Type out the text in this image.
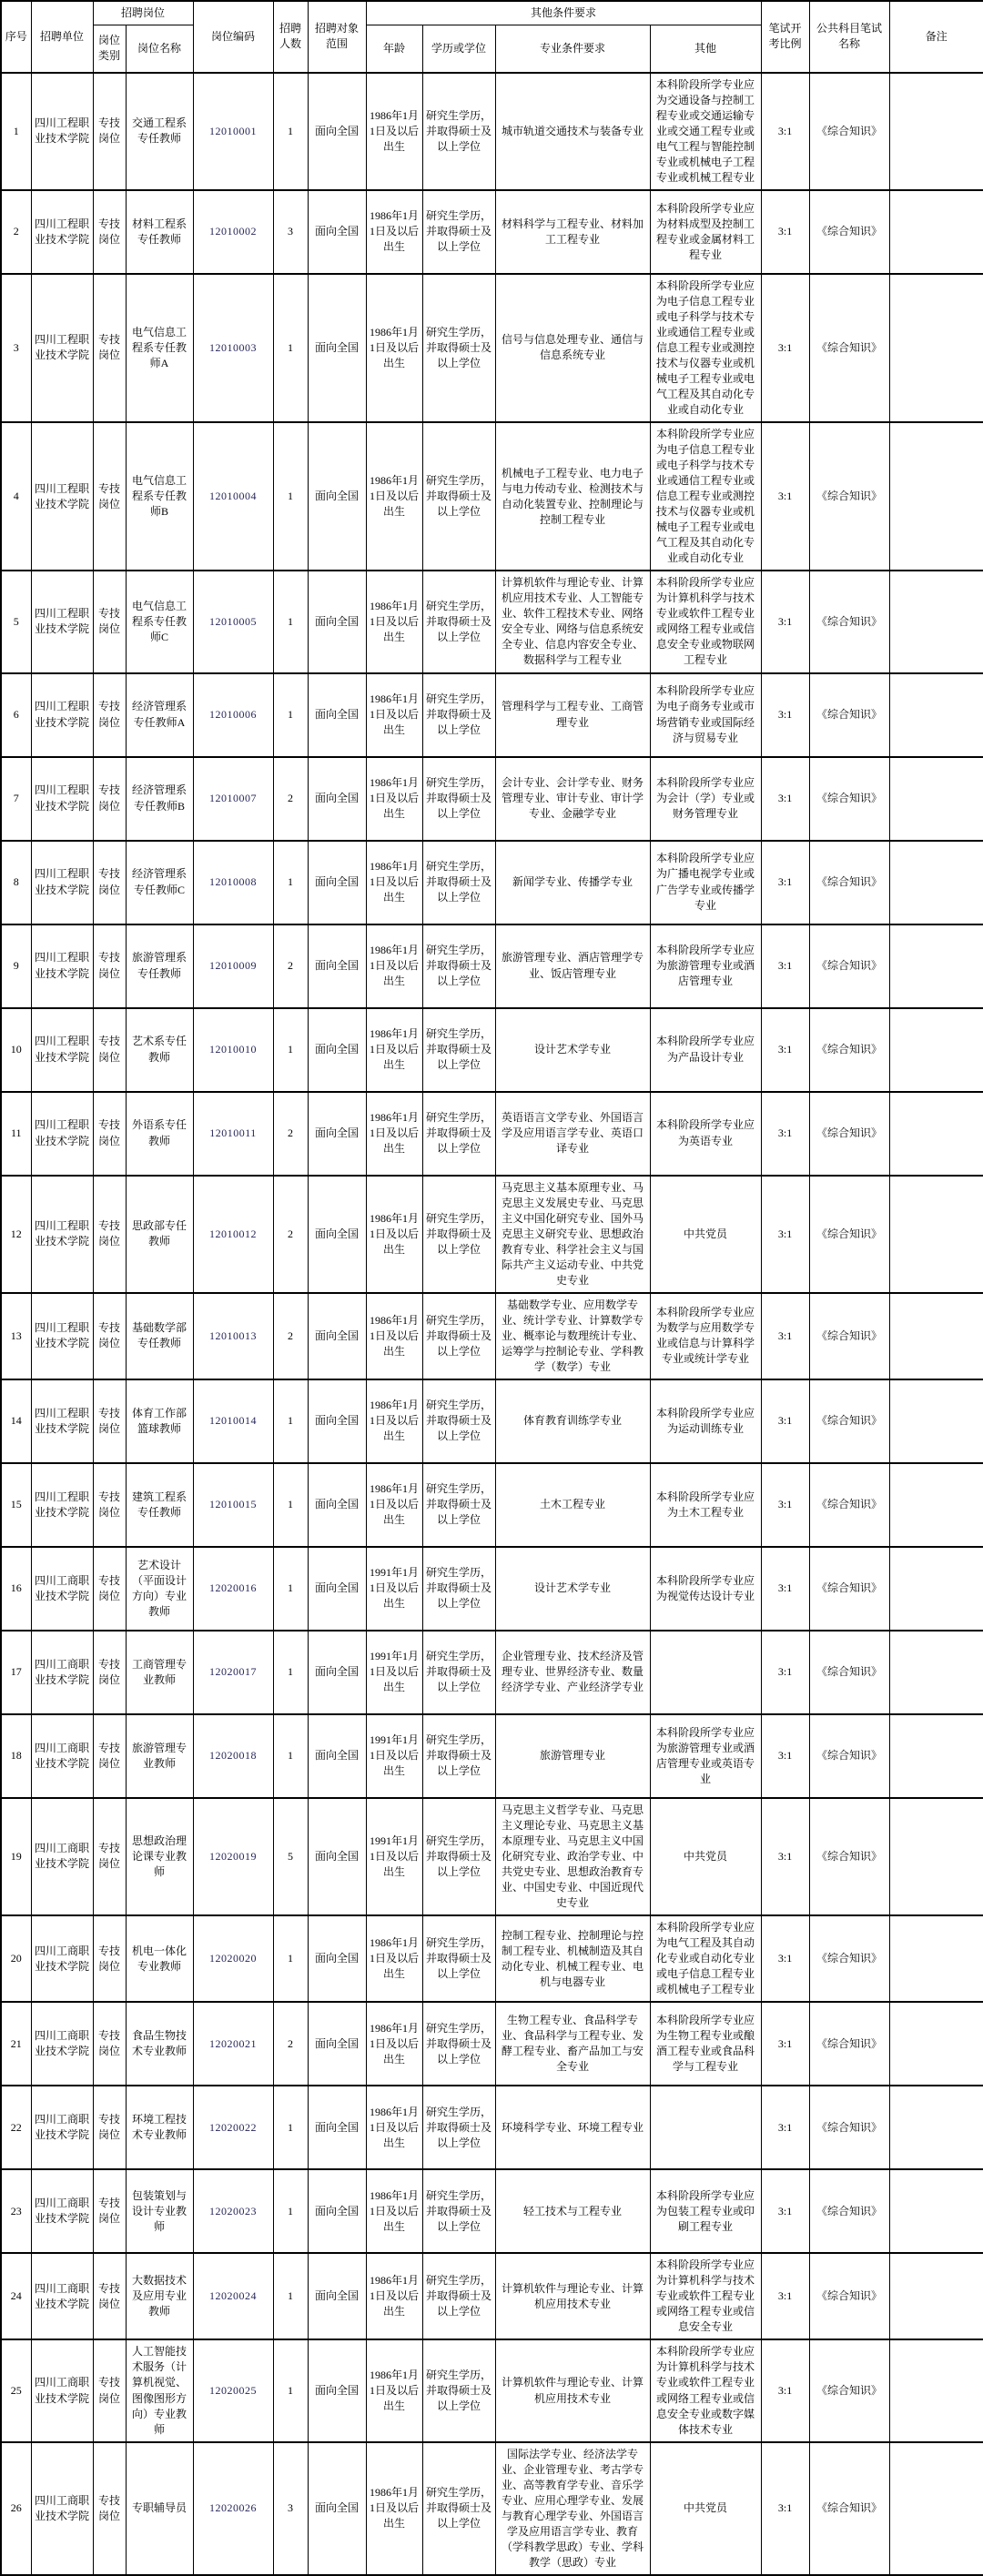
序号	招聘单位	招聘岗位		岗位编码	招聘人数	招聘对象范围	其他条件要求				笔试开考比例	公共科目笔试名称	备注
		岗位类别	岗位名称				年龄	学历或学位	专业条件要求	其他			
1	四川工程职业技术学院	专技岗位	交通工程系专任教师	12010001	1	面向全国	1986年1月1日及以后出生	研究生学历，并取得硕士及以上学位	城市轨道交通技术与装备专业	本科阶段所学专业应为交通设备与控制工程专业或交通运输专业或交通工程专业或电气工程与智能控制专业或机械电子工程专业或机械工程专业	3:1	《综合知识》	
2	四川工程职业技术学院	专技岗位	材料工程系专任教师	12010002	3	面向全国	1986年1月1日及以后出生	研究生学历，并取得硕士及以上学位	材料科学与工程专业、材料加工工程专业	本科阶段所学专业应为材料成型及控制工程专业或金属材料工程专业	3:1	《综合知识》	
3	四川工程职业技术学院	专技岗位	电气信息工程系专任教师A	12010003	1	面向全国	1986年1月1日及以后出生	研究生学历，并取得硕士及以上学位	信号与信息处理专业、通信与信息系统专业	本科阶段所学专业应为电子信息工程专业或电子科学与技术专业或通信工程专业或信息工程专业或测控技术与仪器专业或机械电子工程专业或电气工程及其自动化专业或自动化专业	3:1	《综合知识》	
4	四川工程职业技术学院	专技岗位	电气信息工程系专任教师B	12010004	1	面向全国	1986年1月1日及以后出生	研究生学历，并取得硕士及以上学位	机械电子工程专业、电力电子与电力传动专业、检测技术与自动化装置专业、控制理论与控制工程专业	本科阶段所学专业应为电子信息工程专业或电子科学与技术专业或通信工程专业或信息工程专业或测控技术与仪器专业或机械电子工程专业或电气工程及其自动化专业或自动化专业	3:1	《综合知识》	
5	四川工程职业技术学院	专技岗位	电气信息工程系专任教师C	12010005	1	面向全国	1986年1月1日及以后出生	研究生学历，并取得硕士及以上学位	计算机软件与理论专业、计算机应用技术专业、人工智能专业、软件工程技术专业、网络安全专业、网络与信息系统安全专业、信息内容安全专业、数据科学与工程专业	本科阶段所学专业应为计算机科学与技术专业或软件工程专业或网络工程专业或信息安全专业或物联网工程专业	3:1	《综合知识》	
6	四川工程职业技术学院	专技岗位	经济管理系专任教师A	12010006	1	面向全国	1986年1月1日及以后出生	研究生学历，并取得硕士及以上学位	管理科学与工程专业、工商管理专业	本科阶段所学专业应为电子商务专业或市场营销专业或国际经济与贸易专业	3:1	《综合知识》	
7	四川工程职业技术学院	专技岗位	经济管理系专任教师B	12010007	2	面向全国	1986年1月1日及以后出生	研究生学历，并取得硕士及以上学位	会计专业、会计学专业、财务管理专业、审计专业、审计学专业、金融学专业	本科阶段所学专业应为会计（学）专业或财务管理专业	3:1	《综合知识》	
8	四川工程职业技术学院	专技岗位	经济管理系专任教师C	12010008	1	面向全国	1986年1月1日及以后出生	研究生学历，并取得硕士及以上学位	新闻学专业、传播学专业	本科阶段所学专业应为广播电视学专业或广告学专业或传播学专业	3:1	《综合知识》	
9	四川工程职业技术学院	专技岗位	旅游管理系专任教师	12010009	2	面向全国	1986年1月1日及以后出生	研究生学历，并取得硕士及以上学位	旅游管理专业、酒店管理学专业、饭店管理专业	本科阶段所学专业应为旅游管理专业或酒店管理专业	3:1	《综合知识》	
10	四川工程职业技术学院	专技岗位	艺术系专任教师	12010010	1	面向全国	1986年1月1日及以后出生	研究生学历，并取得硕士及以上学位	设计艺术学专业	本科阶段所学专业应为产品设计专业	3:1	《综合知识》	
11	四川工程职业技术学院	专技岗位	外语系专任教师	12010011	2	面向全国	1986年1月1日及以后出生	研究生学历，并取得硕士及以上学位	英语语言文学专业、外国语言学及应用语言学专业、英语口译专业	本科阶段所学专业应为英语专业	3:1	《综合知识》	
12	四川工程职业技术学院	专技岗位	思政部专任教师	12010012	2	面向全国	1986年1月1日及以后出生	研究生学历，并取得硕士及以上学位	马克思主义基本原理专业、马克思主义发展史专业、马克思主义中国化研究专业、国外马克思主义研究专业、思想政治教育专业、科学社会主义与国际共产主义运动专业、中共党史专业	中共党员	3:1	《综合知识》	
13	四川工程职业技术学院	专技岗位	基础数学部专任教师	12010013	2	面向全国	1986年1月1日及以后出生	研究生学历，并取得硕士及以上学位	基础数学专业、应用数学专业、统计学专业、计算数学专业、概率论与数理统计专业、运筹学与控制论专业、学科教学（数学）专业	本科阶段所学专业应为数学与应用数学专业或信息与计算科学专业或统计学专业	3:1	《综合知识》	
14	四川工程职业技术学院	专技岗位	体育工作部篮球教师	12010014	1	面向全国	1986年1月1日及以后出生	研究生学历，并取得硕士及以上学位	体育教育训练学专业	本科阶段所学专业应为运动训练专业	3:1	《综合知识》	
15	四川工程职业技术学院	专技岗位	建筑工程系专任教师	12010015	1	面向全国	1986年1月1日及以后出生	研究生学历，并取得硕士及以上学位	土木工程专业	本科阶段所学专业应为土木工程专业	3:1	《综合知识》	
16	四川工商职业技术学院	专技岗位	艺术设计（平面设计方向）专业教师	12020016	1	面向全国	1991年1月1日及以后出生	研究生学历，并取得硕士及以上学位	设计艺术学专业	本科阶段所学专业应为视觉传达设计专业	3:1	《综合知识》	
17	四川工商职业技术学院	专技岗位	工商管理专业教师	12020017	1	面向全国	1991年1月1日及以后出生	研究生学历，并取得硕士及以上学位	企业管理专业、技术经济及管理专业、世界经济专业、数量经济学专业、产业经济学专业		3:1	《综合知识》	
18	四川工商职业技术学院	专技岗位	旅游管理专业教师	12020018	1	面向全国	1991年1月1日及以后出生	研究生学历，并取得硕士及以上学位	旅游管理专业	本科阶段所学专业应为旅游管理专业或酒店管理专业或英语专业	3:1	《综合知识》	
19	四川工商职业技术学院	专技岗位	思想政治理论课专业教师	12020019	5	面向全国	1991年1月1日及以后出生	研究生学历，并取得硕士及以上学位	马克思主义哲学专业、马克思主义理论专业、马克思主义基本原理专业、马克思主义中国化研究专业、政治学专业、中共党史专业、思想政治教育专业、中国史专业、中国近现代史专业	中共党员	3:1	《综合知识》	
20	四川工商职业技术学院	专技岗位	机电一体化专业教师	12020020	1	面向全国	1986年1月1日及以后出生	研究生学历，并取得硕士及以上学位	控制工程专业、控制理论与控制工程专业、机械制造及其自动化专业、机械工程专业、电机与电器专业	本科阶段所学专业应为电气工程及其自动化专业或自动化专业或电子信息工程专业或机械电子工程专业	3:1	《综合知识》	
21	四川工商职业技术学院	专技岗位	食品生物技术专业教师	12020021	2	面向全国	1986年1月1日及以后出生	研究生学历，并取得硕士及以上学位	生物工程专业、食品科学专业、食品科学与工程专业、发酵工程专业、畜产品加工与安全专业	本科阶段所学专业应为生物工程专业或酿酒工程专业或食品科学与工程专业	3:1	《综合知识》	
22	四川工商职业技术学院	专技岗位	环境工程技术专业教师	12020022	1	面向全国	1986年1月1日及以后出生	研究生学历，并取得硕士及以上学位	环境科学专业、环境工程专业		3:1	《综合知识》	
23	四川工商职业技术学院	专技岗位	包装策划与设计专业教师	12020023	1	面向全国	1986年1月1日及以后出生	研究生学历，并取得硕士及以上学位	轻工技术与工程专业	本科阶段所学专业应为包装工程专业或印刷工程专业	3:1	《综合知识》	
24	四川工商职业技术学院	专技岗位	大数据技术及应用专业教师	12020024	1	面向全国	1986年1月1日及以后出生	研究生学历，并取得硕士及以上学位	计算机软件与理论专业、计算机应用技术专业	本科阶段所学专业应为计算机科学与技术专业或软件工程专业或网络工程专业或信息安全专业	3:1	《综合知识》	
25	四川工商职业技术学院	专技岗位	人工智能技术服务（计算机视觉、图像图形方向）专业教师	12020025	1	面向全国	1986年1月1日及以后出生	研究生学历，并取得硕士及以上学位	计算机软件与理论专业、计算机应用技术专业	本科阶段所学专业应为计算机科学与技术专业或软件工程专业或网络工程专业或信息安全专业或数字媒体技术专业	3:1	《综合知识》	
26	四川工商职业技术学院	专技岗位	专职辅导员	12020026	3	面向全国	1986年1月1日及以后出生	研究生学历，并取得硕士及以上学位	国际法学专业、经济法学专业、企业管理专业、考古学专业、高等教育学专业、音乐学专业、应用心理学专业、发展与教育心理学专业、外国语言学及应用语言学专业、教育（学科教学思政）专业、学科教学（思政）专业	中共党员	3:1	《综合知识》	
